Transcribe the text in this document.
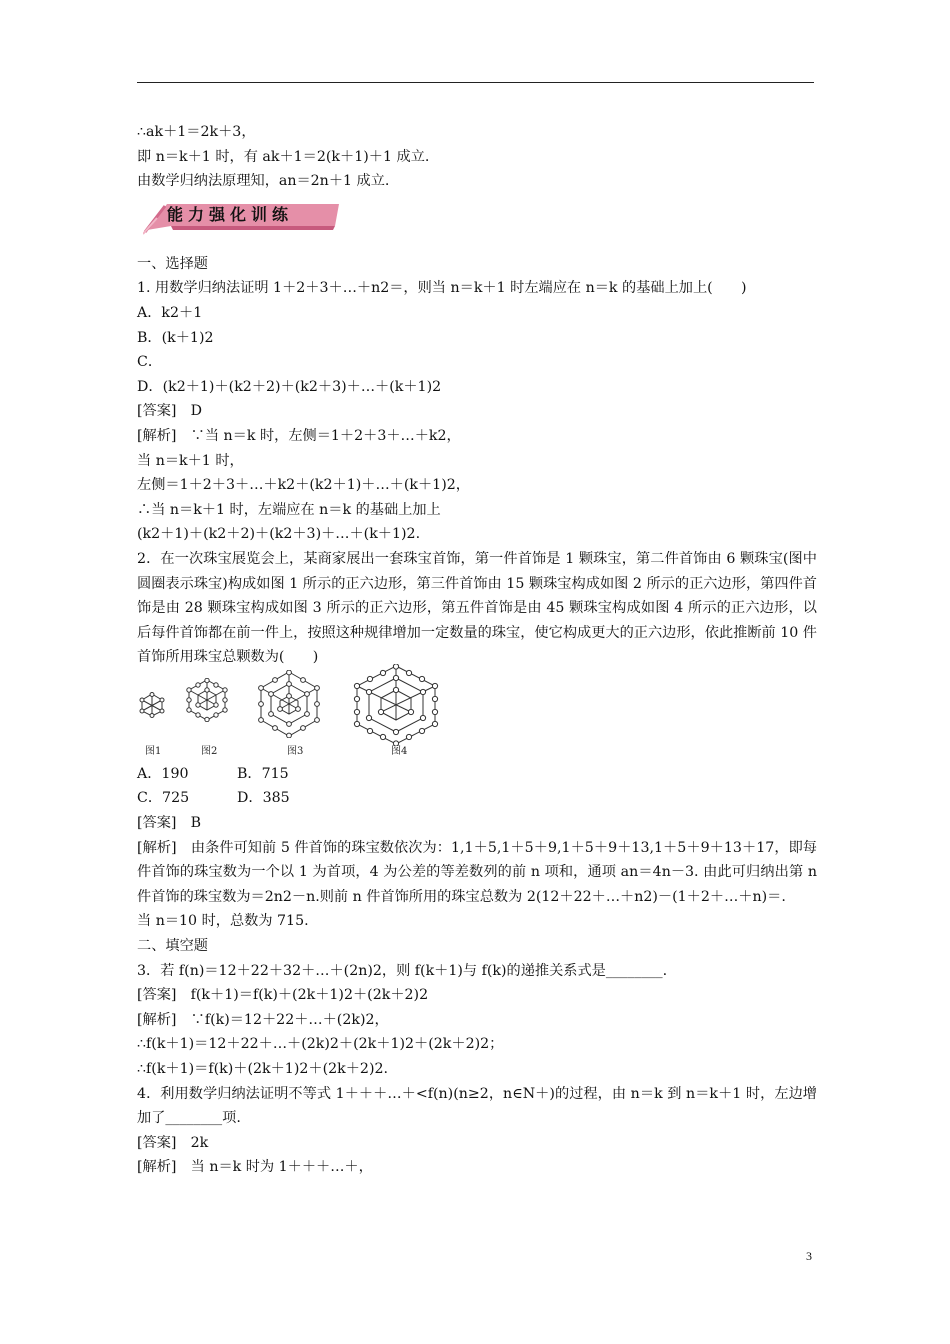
∴ak＋1＝2k＋3，
即 n＝k＋1 时，有 ak＋1＝2(k＋1)＋1 成立.
由数学归纳法原理知，an＝2n＋1 成立.
能力强化训练
一、选择题
1. 用数学归纳法证明 1＋2＋3＋…＋n2＝，则当 n＝k＋1 时左端应在 n＝k 的基础上加上(　　)
A．k2＋1
B．(k＋1)2
C．
D．(k2＋1)＋(k2＋2)＋(k2＋3)＋…＋(k＋1)2
[答案]　D
[解析]　∵当 n＝k 时，左侧＝1＋2＋3＋…＋k2，
当 n＝k＋1 时，
左侧＝1＋2＋3＋…＋k2＋(k2＋1)＋…＋(k＋1)2，
∴当 n＝k＋1 时，左端应在 n＝k 的基础上加上
(k2＋1)＋(k2＋2)＋(k2＋3)＋…＋(k＋1)2.
2．在一次珠宝展览会上，某商家展出一套珠宝首饰，第一件首饰是 1 颗珠宝，第二件首饰由 6 颗珠宝(图中圆圈表示珠宝)构成如图 1 所示的正六边形，第三件首饰由 15 颗珠宝构成如图 2 所示的正六边形，第四件首饰是由 28 颗珠宝构成如图 3 所示的正六边形，第五件首饰是由 45 颗珠宝构成如图 4 所示的正六边形，以后每件首饰都在前一件上，按照这种规律增加一定数量的珠宝，使它构成更大的正六边形，依此推断前 10 件首饰所用珠宝总颗数为(　　)
图1	图2	图3	图4
A．190	B．715
C．725	D．385
[答案]　B
[解析]　由条件可知前 5 件首饰的珠宝数依次为：1,1＋5,1＋5＋9,1＋5＋9＋13,1＋5＋9＋13＋17，即每件首饰的珠宝数为一个以 1 为首项，4 为公差的等差数列的前 n 项和，通项 an＝4n－3. 由此可归纳出第 n 件首饰的珠宝数为＝2n2－n.则前 n 件首饰所用的珠宝总数为 2(12＋22＋…＋n2)－(1＋2＋…＋n)＝.
当 n＝10 时，总数为 715.
二、填空题
3．若 f(n)＝12＋22＋32＋…＋(2n)2，则 f(k＋1)与 f(k)的递推关系式是________.
[答案]　f(k＋1)＝f(k)＋(2k＋1)2＋(2k＋2)2
[解析]　∵f(k)＝12＋22＋…＋(2k)2，
∴f(k＋1)＝12＋22＋…＋(2k)2＋(2k＋1)2＋(2k＋2)2；
∴f(k＋1)＝f(k)＋(2k＋1)2＋(2k＋2)2.
4．利用数学归纳法证明不等式 1＋＋＋…＋<f(n)(n≥2，n∈N＋)的过程，由 n＝k 到 n＝k＋1 时，左边增加了________项.
[答案]　2k
[解析]　当 n＝k 时为 1＋＋＋…＋，
3
